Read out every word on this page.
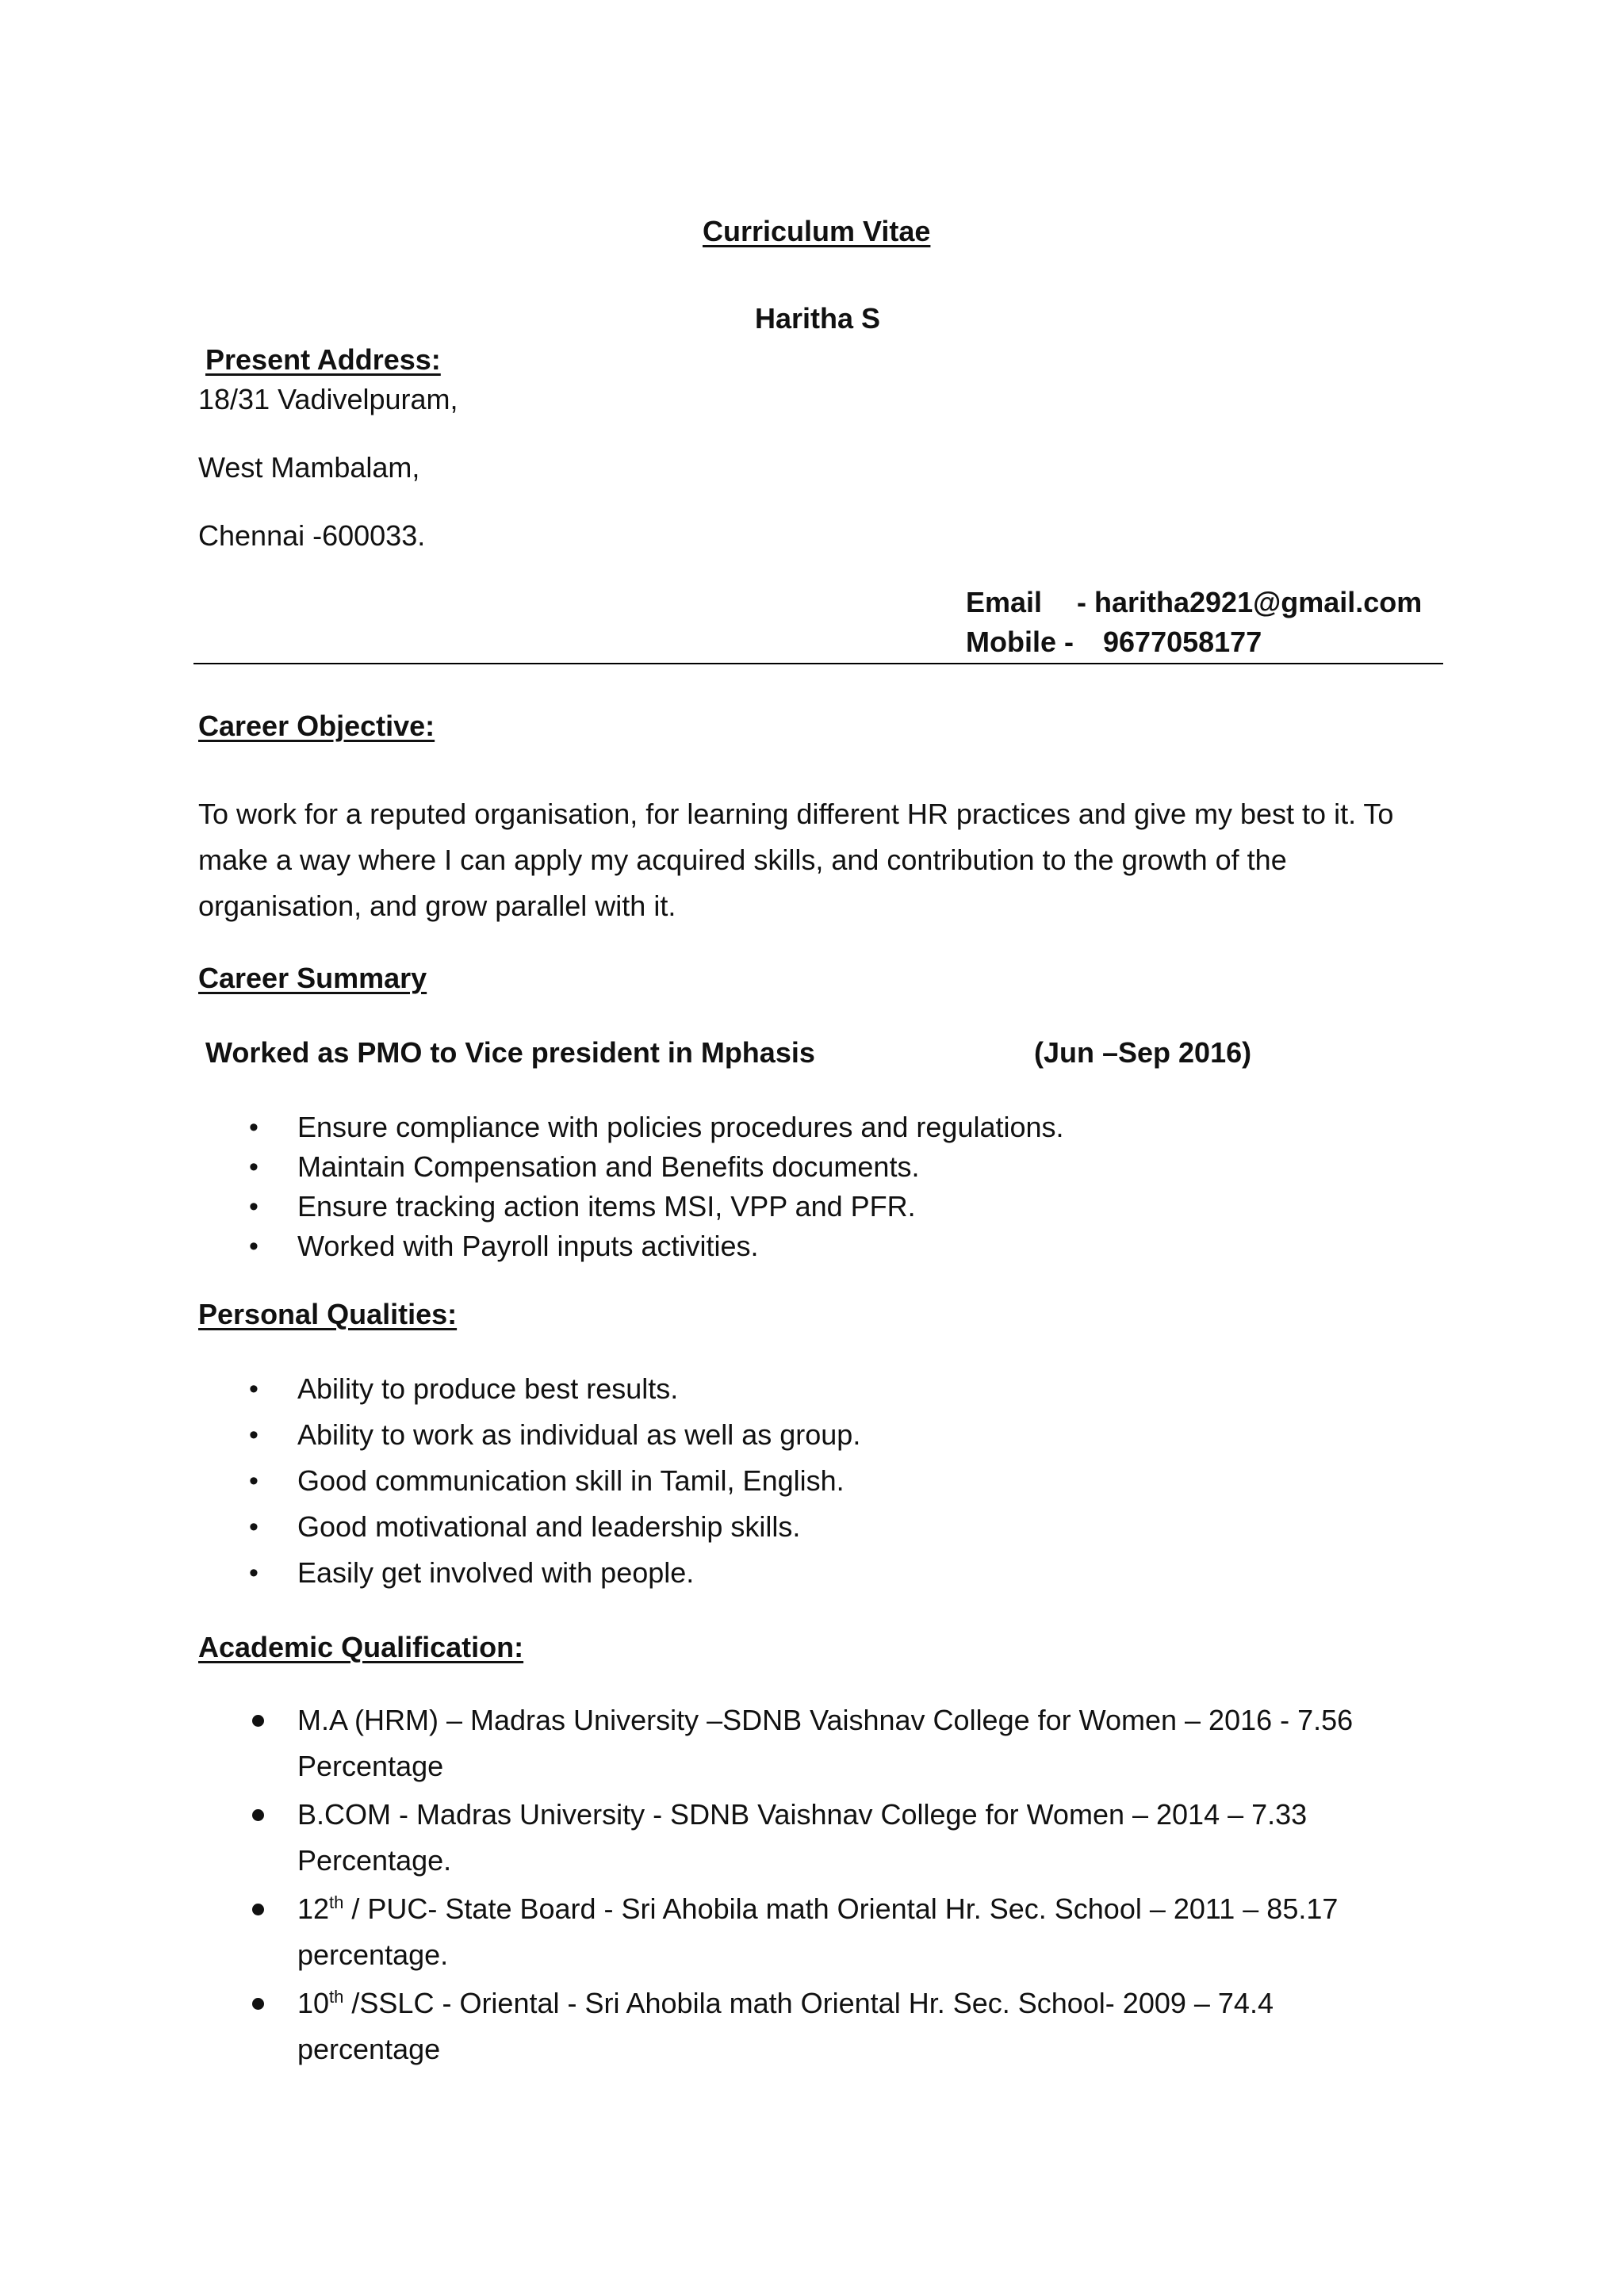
Curriculum Vitae
Haritha S
Present Address:
18/31 Vadivelpuram,
West Mambalam,
Chennai -600033.
Email - haritha2921@gmail.com
Mobile - 9677058177
Career Objective:
To work for a reputed organisation, for learning different HR practices and give my best to it. To make a way where I can apply my acquired skills, and contribution to the growth of the organisation, and grow parallel with it.
Career Summary
Worked as PMO to Vice president in Mphasis	(Jun –Sep 2016)
• Ensure compliance with policies procedures and regulations.
• Maintain Compensation and Benefits documents.
• Ensure tracking action items MSI, VPP and PFR.
• Worked with Payroll inputs activities.
Personal Qualities:
• Ability to produce best results.
• Ability to work as individual as well as group.
• Good communication skill in Tamil, English.
• Good motivational and leadership skills.
• Easily get involved with people.
Academic Qualification:
M.A (HRM) – Madras University –SDNB Vaishnav College for Women – 2016 - 7.56
Percentage
B.COM - Madras University - SDNB Vaishnav College for Women – 2014 – 7.33
Percentage.
12th / PUC- State Board - Sri Ahobila math Oriental Hr. Sec. School – 2011 – 85.17
percentage.
10th /SSLC - Oriental - Sri Ahobila math Oriental Hr. Sec. School- 2009 – 74.4
percentage
